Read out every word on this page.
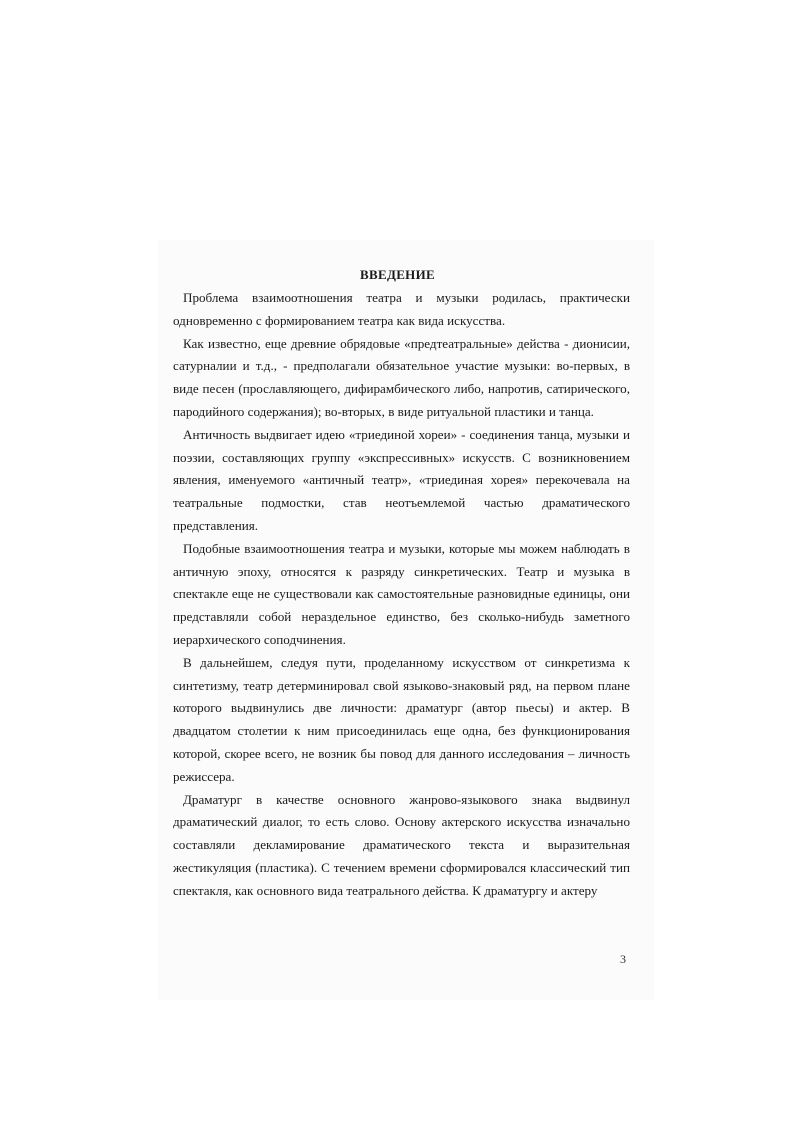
ВВЕДЕНИЕ

Проблема взаимоотношения театра и музыки родилась, практически одновременно с формированием театра как вида искусства.

Как известно, еще древние обрядовые «предтеатральные» действа - дионисии, сатурналии и т.д., - предполагали обязательное участие музыки: во-первых, в виде песен (прославляющего, дифирамбического либо, напротив, сатирического, пародийного содержания); во-вторых, в виде ритуальной пластики и танца.

Античность выдвигает идею «триединой хореи» - соединения танца, музыки и поэзии, составляющих группу «экспрессивных» искусств. С возникновением явления, именуемого «античный театр», «триединая хорея» перекочевала на театральные подмостки, став неотъемлемой частью драматического представления.

Подобные взаимоотношения театра и музыки, которые мы можем наблюдать в античную эпоху, относятся к разряду синкретических. Театр и музыка в спектакле еще не существовали как самостоятельные разновидные единицы, они представляли собой нераздельное единство, без сколько-нибудь заметного иерархического соподчинения.

В дальнейшем, следуя пути, проделанному искусством от синкретизма к синтетизму, театр детерминировал свой языково-знаковый ряд, на первом плане которого выдвинулись две личности: драматург (автор пьесы) и актер. В двадцатом столетии к ним присоединилась еще одна, без функционирования которой, скорее всего, не возник бы повод для данного исследования – личность режиссера.

Драматург в качестве основного жанрово-языкового знака выдвинул драматический диалог, то есть слово. Основу актерского искусства изначально составляли декламирование драматического текста и выразительная жестикуляция (пластика). С течением времени сформировался классический тип спектакля, как основного вида театрального действа. К драматургу и актеру

3
